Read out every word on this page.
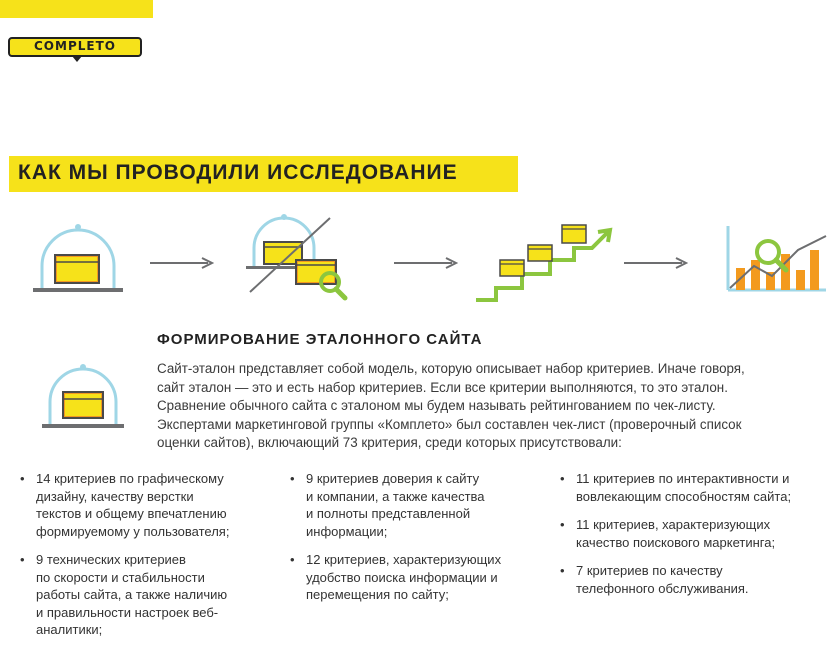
COMPLETO
КАК МЫ ПРОВОДИЛИ ИССЛЕДОВАНИЕ
ФОРМИРОВАНИЕ ЭТАЛОННОГО САЙТА
Сайт-эталон представляет собой модель, которую описывает набор критериев. Иначе говоря,
сайт эталон — это и есть набор критериев. Если все критерии выполняются, то это эталон.
Сравнение обычного сайта с эталоном мы будем называть рейтингованием по чек-листу.
Экспертами маркетинговой группы «Комплето» был составлен чек-лист (проверочный список
оценки сайтов), включающий 73 критерия, среди которых присутствовали:
• 14 критериев по графическому
дизайну, качеству верстки
текстов и общему впечатлению
формируемому у пользователя;
• 9 технических критериев
по скорости и стабильности
работы сайта, а также наличию
и правильности настроек веб-
аналитики;
• 9 критериев доверия к сайту
и компании, а также качества
и полноты представленной
информации;
• 12 критериев, характеризующих
удобство поиска информации и
перемещения по сайту;
• 11 критериев по интерактивности и
вовлекающим способностям сайта;
• 11 критериев, характеризующих
качество поискового маркетинга;
• 7 критериев по качеству
телефонного обслуживания.
